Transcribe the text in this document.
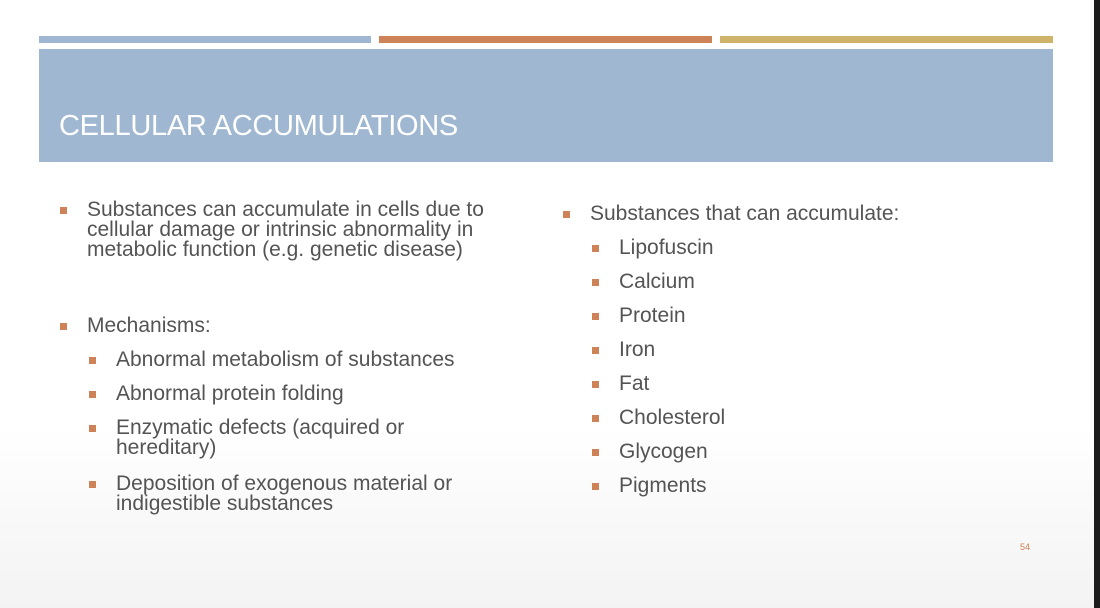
CELLULAR ACCUMULATIONS
Substances can accumulate in cells due to cellular damage or intrinsic abnormality in metabolic function (e.g. genetic disease)
Mechanisms:
Abnormal metabolism of substances
Abnormal protein folding
Enzymatic defects (acquired or hereditary)
Deposition of exogenous material or indigestible substances
Substances that can accumulate:
Lipofuscin
Calcium
Protein
Iron
Fat
Cholesterol
Glycogen
Pigments
54
